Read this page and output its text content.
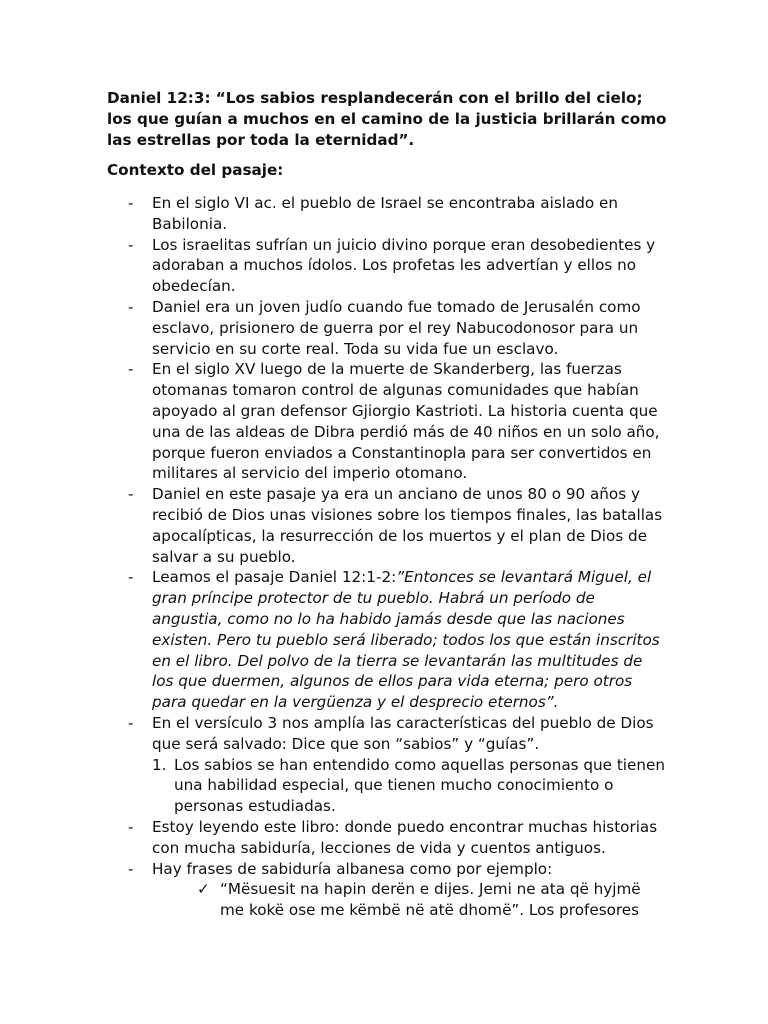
Daniel 12:3: “Los sabios resplandecerán con el brillo del cielo; los que guían a muchos en el camino de la justicia brillarán como las estrellas por toda la eternidad”.

Contexto del pasaje:

- En el siglo VI ac. el pueblo de Israel se encontraba aislado en Babilonia.
- Los israelitas sufrían un juicio divino porque eran desobedientes y adoraban a muchos ídolos. Los profetas les advertían y ellos no obedecían.
- Daniel era un joven judío cuando fue tomado de Jerusalén como esclavo, prisionero de guerra por el rey Nabucodonosor para un servicio en su corte real. Toda su vida fue un esclavo.
- En el siglo XV luego de la muerte de Skanderberg, las fuerzas otomanas tomaron control de algunas comunidades que habían apoyado al gran defensor Gjiorgio Kastrioti. La historia cuenta que una de las aldeas de Dibra perdió más de 40 niños en un solo año, porque fueron enviados a Constantinopla para ser convertidos en militares al servicio del imperio otomano.
- Daniel en este pasaje ya era un anciano de unos 80 o 90 años y recibió de Dios unas visiones sobre los tiempos finales, las batallas apocalípticas, la resurrección de los muertos y el plan de Dios de salvar a su pueblo.
- Leamos el pasaje Daniel 12:1-2:”Entonces se levantará Miguel, el gran príncipe protector de tu pueblo. Habrá un período de angustia, como no lo ha habido jamás desde que las naciones existen. Pero tu pueblo será liberado; todos los que están inscritos en el libro. Del polvo de la tierra se levantarán las multitudes de los que duermen, algunos de ellos para vida eterna; pero otros para quedar en la vergüenza y el desprecio eternos”.
- En el versículo 3 nos amplía las características del pueblo de Dios que será salvado: Dice que son “sabios” y “guías”.
1. Los sabios se han entendido como aquellas personas que tienen una habilidad especial, que tienen mucho conocimiento o personas estudiadas.
- Estoy leyendo este libro: donde puedo encontrar muchas historias con mucha sabiduría, lecciones de vida y cuentos antiguos.
- Hay frases de sabiduría albanesa como por ejemplo:
✓ “Mësuesit na hapin derën e dijes. Jemi ne ata që hyjmë me kokë ose me këmbë në atë dhomë”. Los profesores
